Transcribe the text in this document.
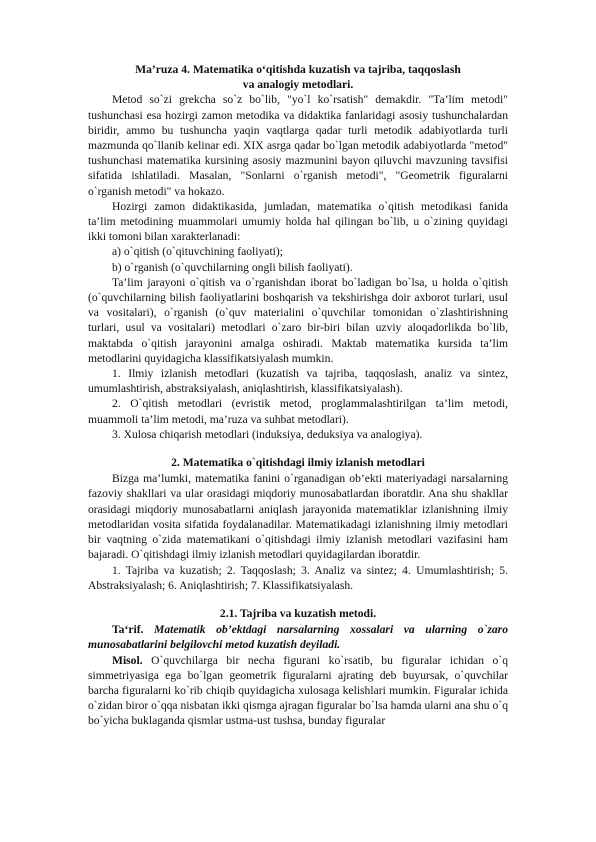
Ma’ruza 4. Matematika o‘qitishda kuzatish va tajriba, taqqoslash
va analogiy metodlari.

Metod so`zi grekcha so`z bo`lib, "yo`l ko`rsatish" demakdir. "Ta’lim metodi" tushunchasi esa hozirgi zamon metodika va didaktika fanlaridagi asosiy tushunchalardan biridir, ammo bu tushuncha yaqin vaqtlarga qadar turli metodik adabiyotlarda turli mazmunda qo`llanib kelinar edi. XIX asrga qadar bo`lgan metodik adabiyotlarda "metod" tushunchasi matematika kursining asosiy mazmunini bayon qiluvchi mavzuning tavsifisi sifatida ishlatiladi. Masalan, "Sonlarni o`rganish metodi", "Geometrik figuralarni o`rganish metodi" va hokazo.

Hozirgi zamon didaktikasida, jumladan, matematika o`qitish metodikasi fanida ta’lim metodining muammolari umumiy holda hal qilingan bo`lib, u o`zining quyidagi ikki tomoni bilan xarakterlanadi:

a) o`qitish (o`qituvchining faoliyati);

b) o`rganish (o`quvchilarning ongli bilish faoliyati).

Ta’lim jarayoni o`qitish va o`rganishdan iborat bo`ladigan bo`lsa, u holda o`qitish (o`quvchilarning bilish faoliyatlarini boshqarish va tekshirishga doir axborot turlari, usul va vositalari), o`rganish (o`quv materialini o`quvchilar tomonidan o`zlashtirishning turlari, usul va vositalari) metodlari o`zaro bir-biri bilan uzviy aloqadorlikda bo`lib, maktabda o`qitish jarayonini amalga oshiradi. Maktab matematika kursida ta’lim metodlarini quyidagicha klassifikatsiyalash mumkin.

1. Ilmiy izlanish metodlari (kuzatish va tajriba, taqqoslash, analiz va sintez, umumlashtirish, abstraksiyalash, aniqlashtirish, klassifikatsiyalash).

2. O`qitish metodlari (evristik metod, proglammalashtirilgan ta’lim metodi, muammoli ta’lim metodi, ma’ruza va suhbat metodlari).

3. Xulosa chiqarish metodlari (induksiya, deduksiya va analogiya).

2. Matematika o`qitishdagi ilmiy izlanish metodlari

Bizga ma’lumki, matematika fanini o`rganadigan ob’ekti materiyadagi narsalarning fazoviy shakllari va ular orasidagi miqdoriy munosabatlardan iboratdir. Ana shu shakllar orasidagi miqdoriy munosabatlarni aniqlash jarayonida matematiklar izlanishning ilmiy metodlaridan vosita sifatida foydalanadilar. Matematikadagi izlanishning ilmiy metodlari bir vaqtning o`zida matematikani o`qitishdagi ilmiy izlanish metodlari vazifasini ham bajaradi. O`qitishdagi ilmiy izlanish metodlari quyidagilardan iboratdir.

1. Tajriba va kuzatish; 2. Taqqoslash; 3. Analiz va sintez; 4. Umumlashtirish; 5. Abstraksiyalash; 6. Aniqlashtirish; 7. Klassifikatsiyalash.

2.1. Tajriba va kuzatish metodi.

Ta‘rif. Matematik ob’ektdagi narsalarning xossalari va ularning o`zaro munosabatlarini belgilovchi metod kuzatish deyiladi.

Misol. O`quvchilarga bir necha figurani ko`rsatib, bu figuralar ichidan o`q simmetriyasiga ega bo`lgan geometrik figuralarni ajrating deb buyursak, o`quvchilar barcha figuralarni ko`rib chiqib quyidagicha xulosaga kelishlari mumkin. Figuralar ichida o`zidan biror o`qqa nisbatan ikki qismga ajragan figuralar bo`lsa hamda ularni ana shu o`q bo`yicha buklaganda qismlar ustma-ust tushsa, bunday figuralar
